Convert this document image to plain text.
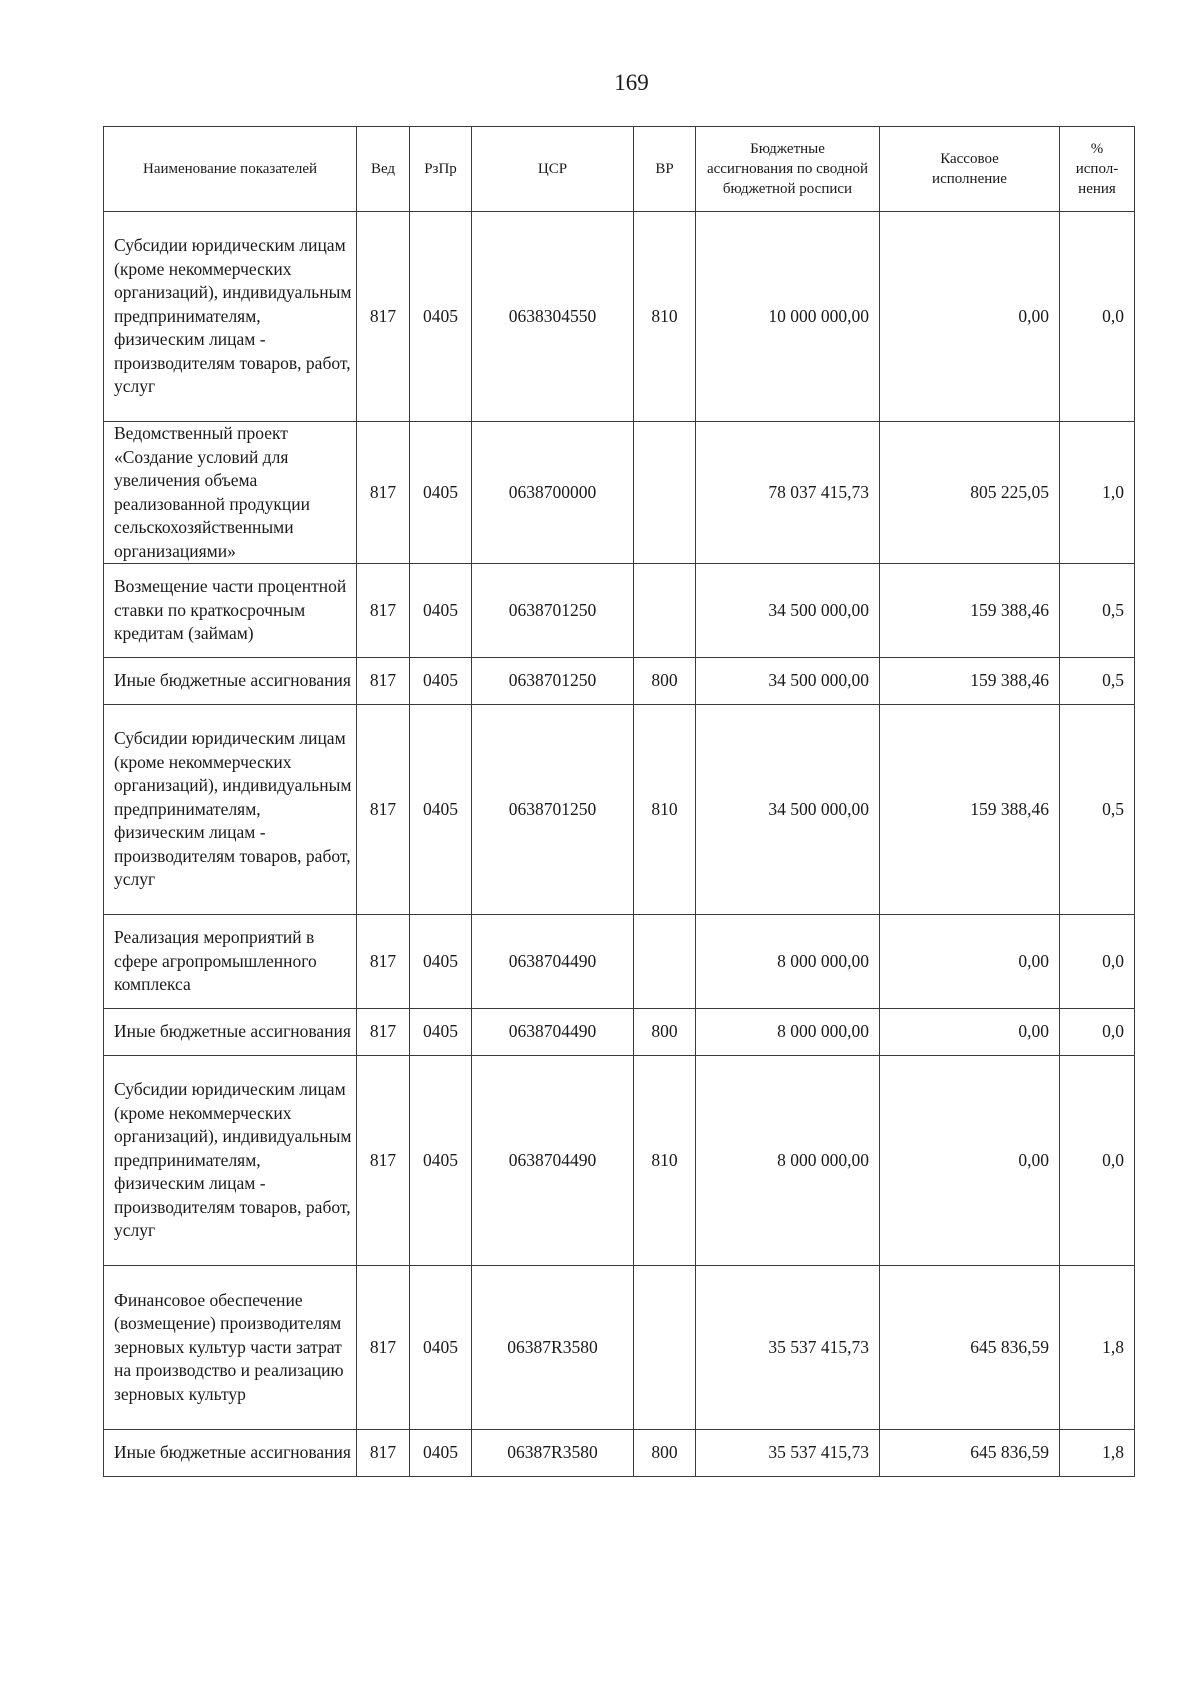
169
Наименование показателей	Вед	РзПр	ЦСР	ВР	Бюджетные ассигнования по сводной бюджетной росписи	Кассовое исполнение	% испол-нения
Субсидии юридическим лицам (кроме некоммерческих организаций), индивидуальным предпринимателям, физическим лицам - производителям товаров, работ, услуг	817	0405	0638304550	810	10 000 000,00	0,00	0,0
Ведомственный проект «Создание условий для увеличения объема реализованной продукции сельскохозяйственными организациями»	817	0405	0638700000		78 037 415,73	805 225,05	1,0
Возмещение части процентной ставки по краткосрочным кредитам (займам)	817	0405	0638701250		34 500 000,00	159 388,46	0,5
Иные бюджетные ассигнования	817	0405	0638701250	800	34 500 000,00	159 388,46	0,5
Субсидии юридическим лицам (кроме некоммерческих организаций), индивидуальным предпринимателям, физическим лицам - производителям товаров, работ, услуг	817	0405	0638701250	810	34 500 000,00	159 388,46	0,5
Реализация мероприятий в сфере агропромышленного комплекса	817	0405	0638704490		8 000 000,00	0,00	0,0
Иные бюджетные ассигнования	817	0405	0638704490	800	8 000 000,00	0,00	0,0
Субсидии юридическим лицам (кроме некоммерческих организаций), индивидуальным предпринимателям, физическим лицам - производителям товаров, работ, услуг	817	0405	0638704490	810	8 000 000,00	0,00	0,0
Финансовое обеспечение (возмещение) производителям зерновых культур части затрат на производство и реализацию зерновых культур	817	0405	06387R3580		35 537 415,73	645 836,59	1,8
Иные бюджетные ассигнования	817	0405	06387R3580	800	35 537 415,73	645 836,59	1,8
